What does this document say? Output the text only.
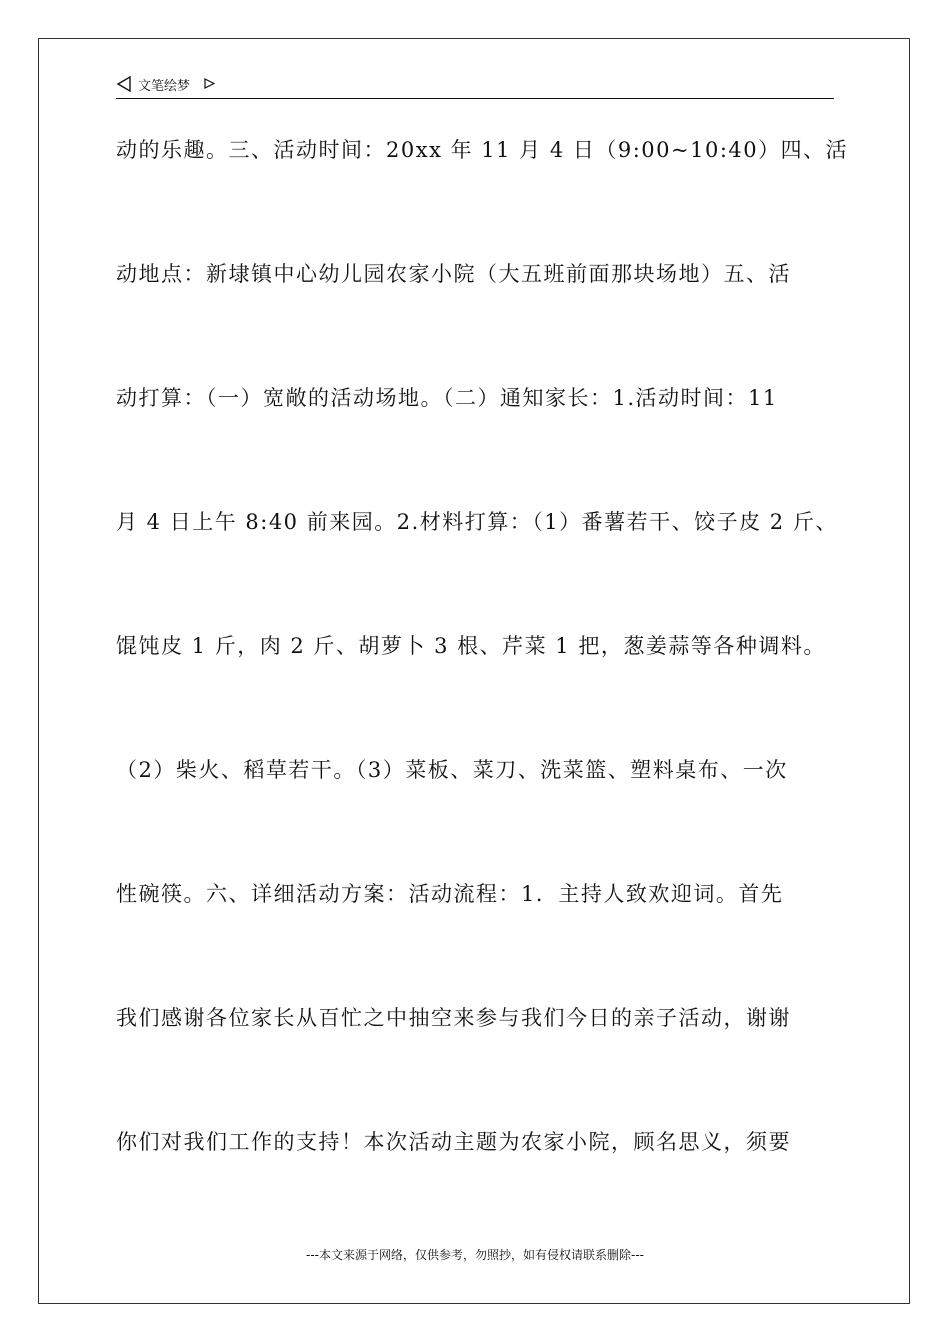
文笔绘梦
动的乐趣。三、活动时间：20xx 年 11 月 4 日（9:00~10:40）四、活
动地点：新埭镇中心幼儿园农家小院（大五班前面那块场地）五、活
动打算：（一）宽敞的活动场地。（二）通知家长：1.活动时间：11
月 4 日上午 8:40 前来园。2.材料打算：（1）番薯若干、饺子皮 2 斤、
馄饨皮 1 斤，肉 2 斤、胡萝卜 3 根、芹菜 1 把，葱姜蒜等各种调料。
（2）柴火、稻草若干。（3）菜板、菜刀、洗菜篮、塑料桌布、一次
性碗筷。六、详细活动方案：活动流程：1．主持人致欢迎词。首先
我们感谢各位家长从百忙之中抽空来参与我们今日的亲子活动，谢谢
你们对我们工作的支持！本次活动主题为农家小院，顾名思义，须要
---本文来源于网络，仅供参考，勿照抄，如有侵权请联系删除---
